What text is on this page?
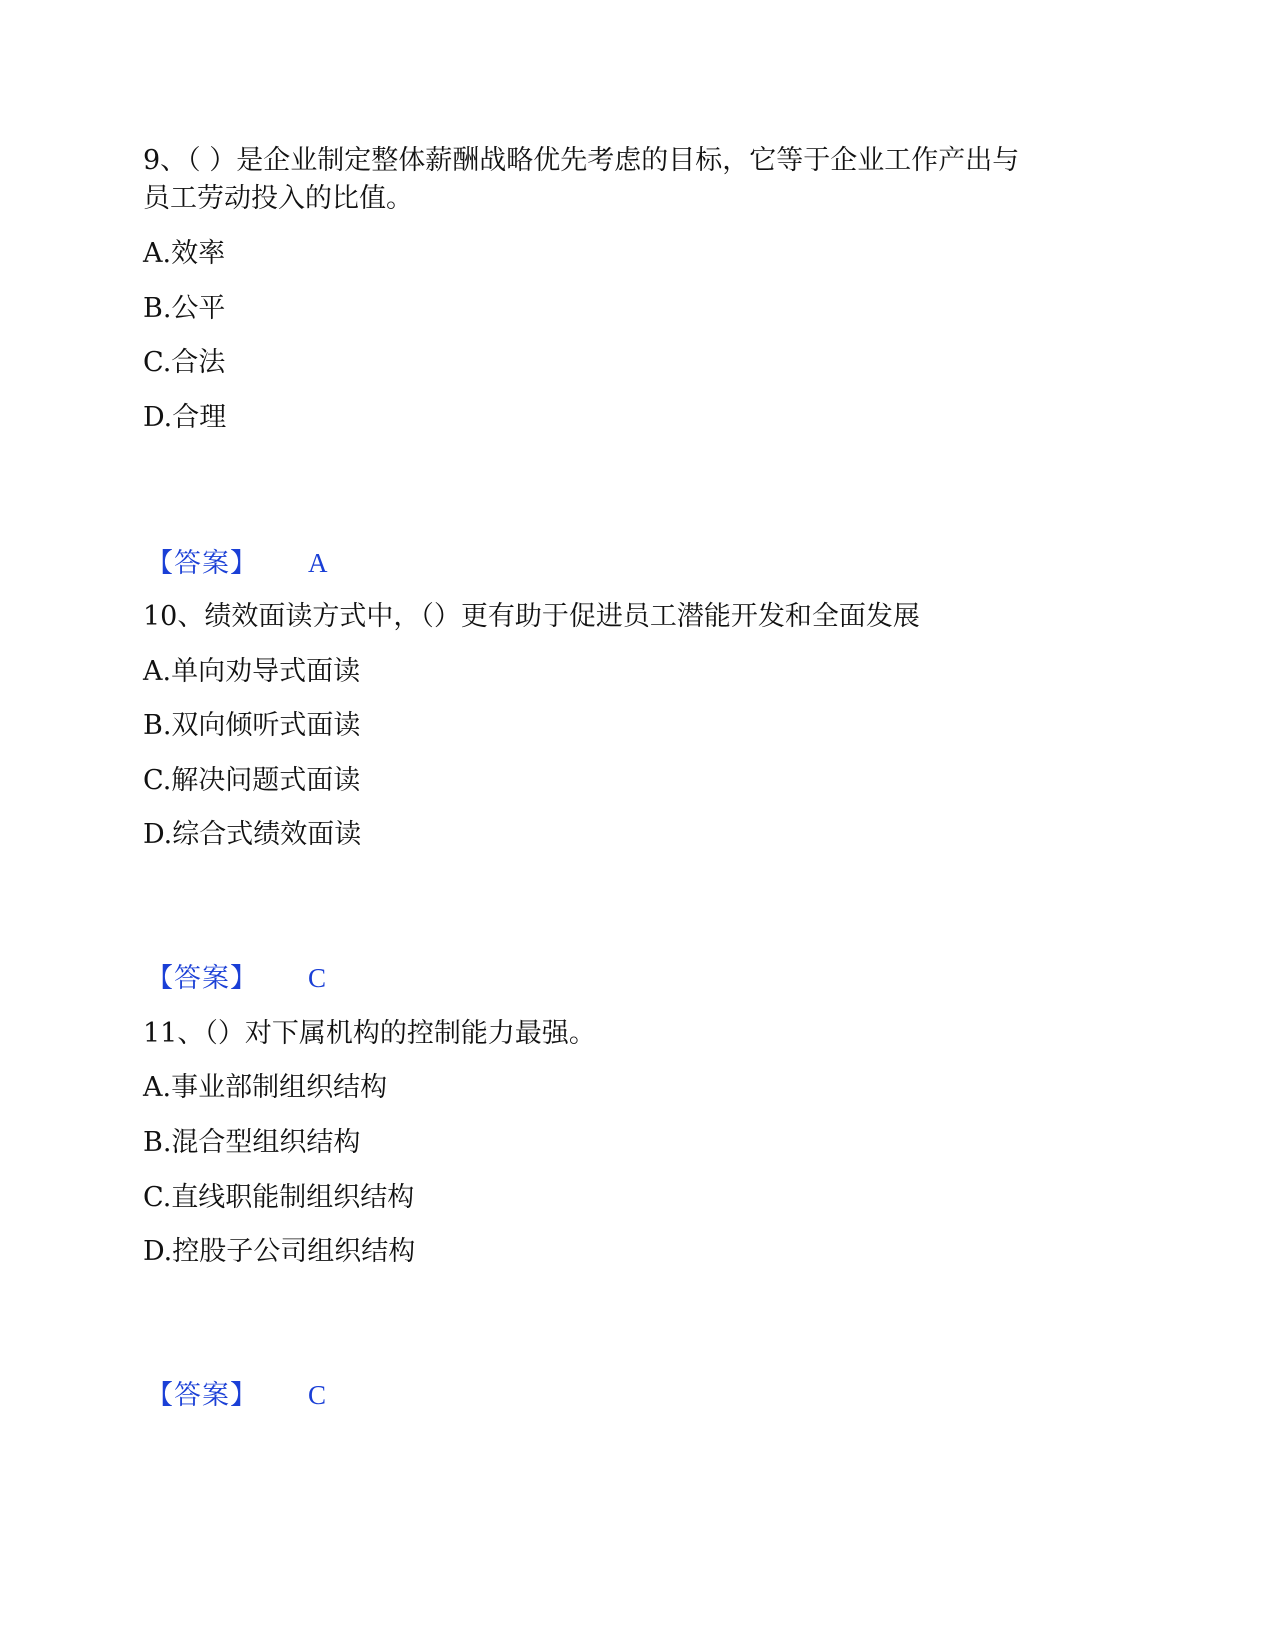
9、（ ）是企业制定整体薪酬战略优先考虑的目标，它等于企业工作产出与

员工劳动投入的比值。

A.效率

B.公平

C.合法

D.合理

【答案】 A

10、绩效面读方式中，（）更有助于促进员工潜能开发和全面发展

A.单向劝导式面读

B.双向倾听式面读

C.解决问题式面读

D.综合式绩效面读

【答案】 C

11、（）对下属机构的控制能力最强。

A.事业部制组织结构

B.混合型组织结构

C.直线职能制组织结构

D.控股子公司组织结构

【答案】 C
